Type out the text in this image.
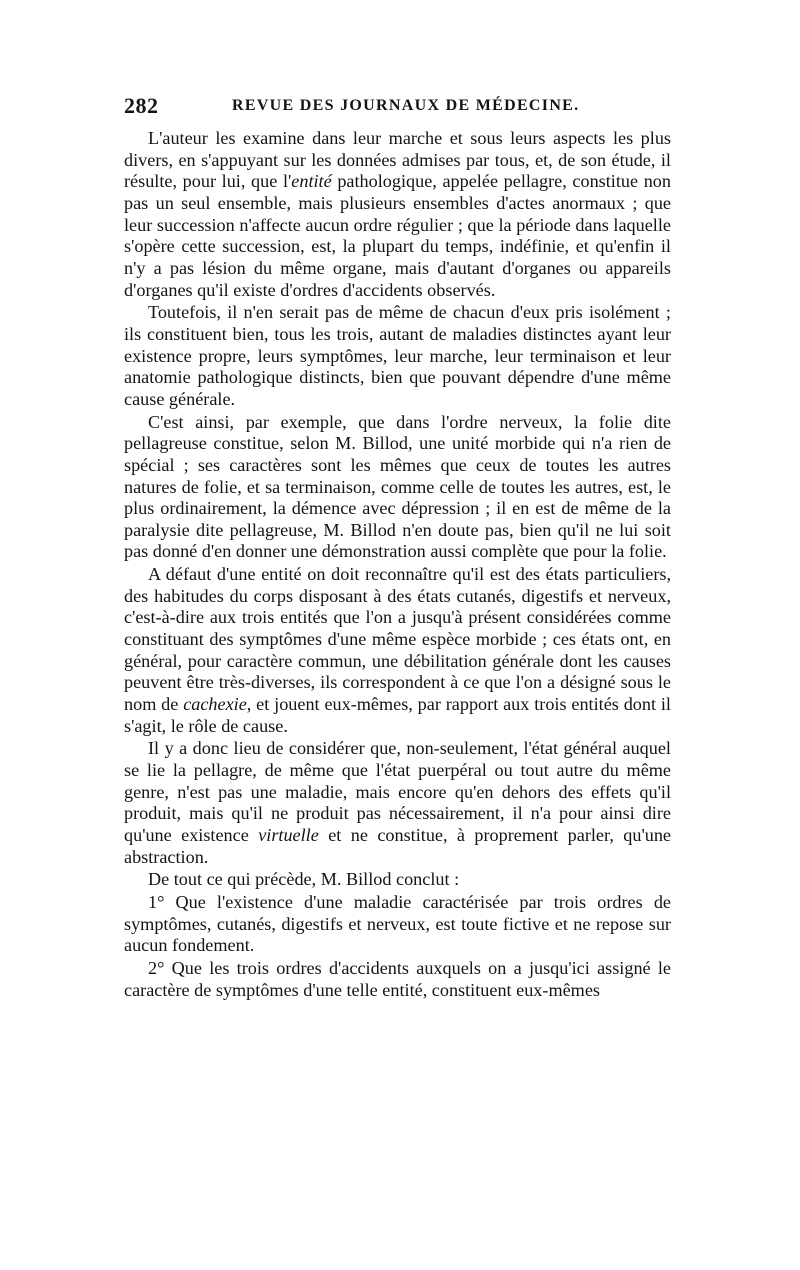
282	REVUE DES JOURNAUX DE MÉDECINE.

L'auteur les examine dans leur marche et sous leurs aspects les plus divers, en s'appuyant sur les données admises par tous, et, de son étude, il résulte, pour lui, que l'entité pathologique, appelée pellagre, constitue non pas un seul ensemble, mais plusieurs ensembles d'actes anormaux ; que leur succession n'affecte aucun ordre régulier ; que la période dans laquelle s'opère cette succession, est, la plupart du temps, indéfinie, et qu'enfin il n'y a pas lésion du même organe, mais d'autant d'organes ou appareils d'organes qu'il existe d'ordres d'accidents observés.

Toutefois, il n'en serait pas de même de chacun d'eux pris isolément ; ils constituent bien, tous les trois, autant de maladies distinctes ayant leur existence propre, leurs symptômes, leur marche, leur terminaison et leur anatomie pathologique distincts, bien que pouvant dépendre d'une même cause générale.

C'est ainsi, par exemple, que dans l'ordre nerveux, la folie dite pellagreuse constitue, selon M. Billod, une unité morbide qui n'a rien de spécial ; ses caractères sont les mêmes que ceux de toutes les autres natures de folie, et sa terminaison, comme celle de toutes les autres, est, le plus ordinairement, la démence avec dépression ; il en est de même de la paralysie dite pellagreuse, M. Billod n'en doute pas, bien qu'il ne lui soit pas donné d'en donner une démonstration aussi complète que pour la folie.

A défaut d'une entité on doit reconnaître qu'il est des états particuliers, des habitudes du corps disposant à des états cutanés, digestifs et nerveux, c'est-à-dire aux trois entités que l'on a jusqu'à présent considérées comme constituant des symptômes d'une même espèce morbide ; ces états ont, en général, pour caractère commun, une débilitation générale dont les causes peuvent être très-diverses, ils correspondent à ce que l'on a désigné sous le nom de cachexie, et jouent eux-mêmes, par rapport aux trois entités dont il s'agit, le rôle de cause.

Il y a donc lieu de considérer que, non-seulement, l'état général auquel se lie la pellagre, de même que l'état puerpéral ou tout autre du même genre, n'est pas une maladie, mais encore qu'en dehors des effets qu'il produit, mais qu'il ne produit pas nécessairement, il n'a pour ainsi dire qu'une existence virtuelle et ne constitue, à proprement parler, qu'une abstraction.

De tout ce qui précède, M. Billod conclut :

1° Que l'existence d'une maladie caractérisée par trois ordres de symptômes, cutanés, digestifs et nerveux, est toute fictive et ne repose sur aucun fondement.

2° Que les trois ordres d'accidents auxquels on a jusqu'ici assigné le caractère de symptômes d'une telle entité, constituent eux-mêmes
